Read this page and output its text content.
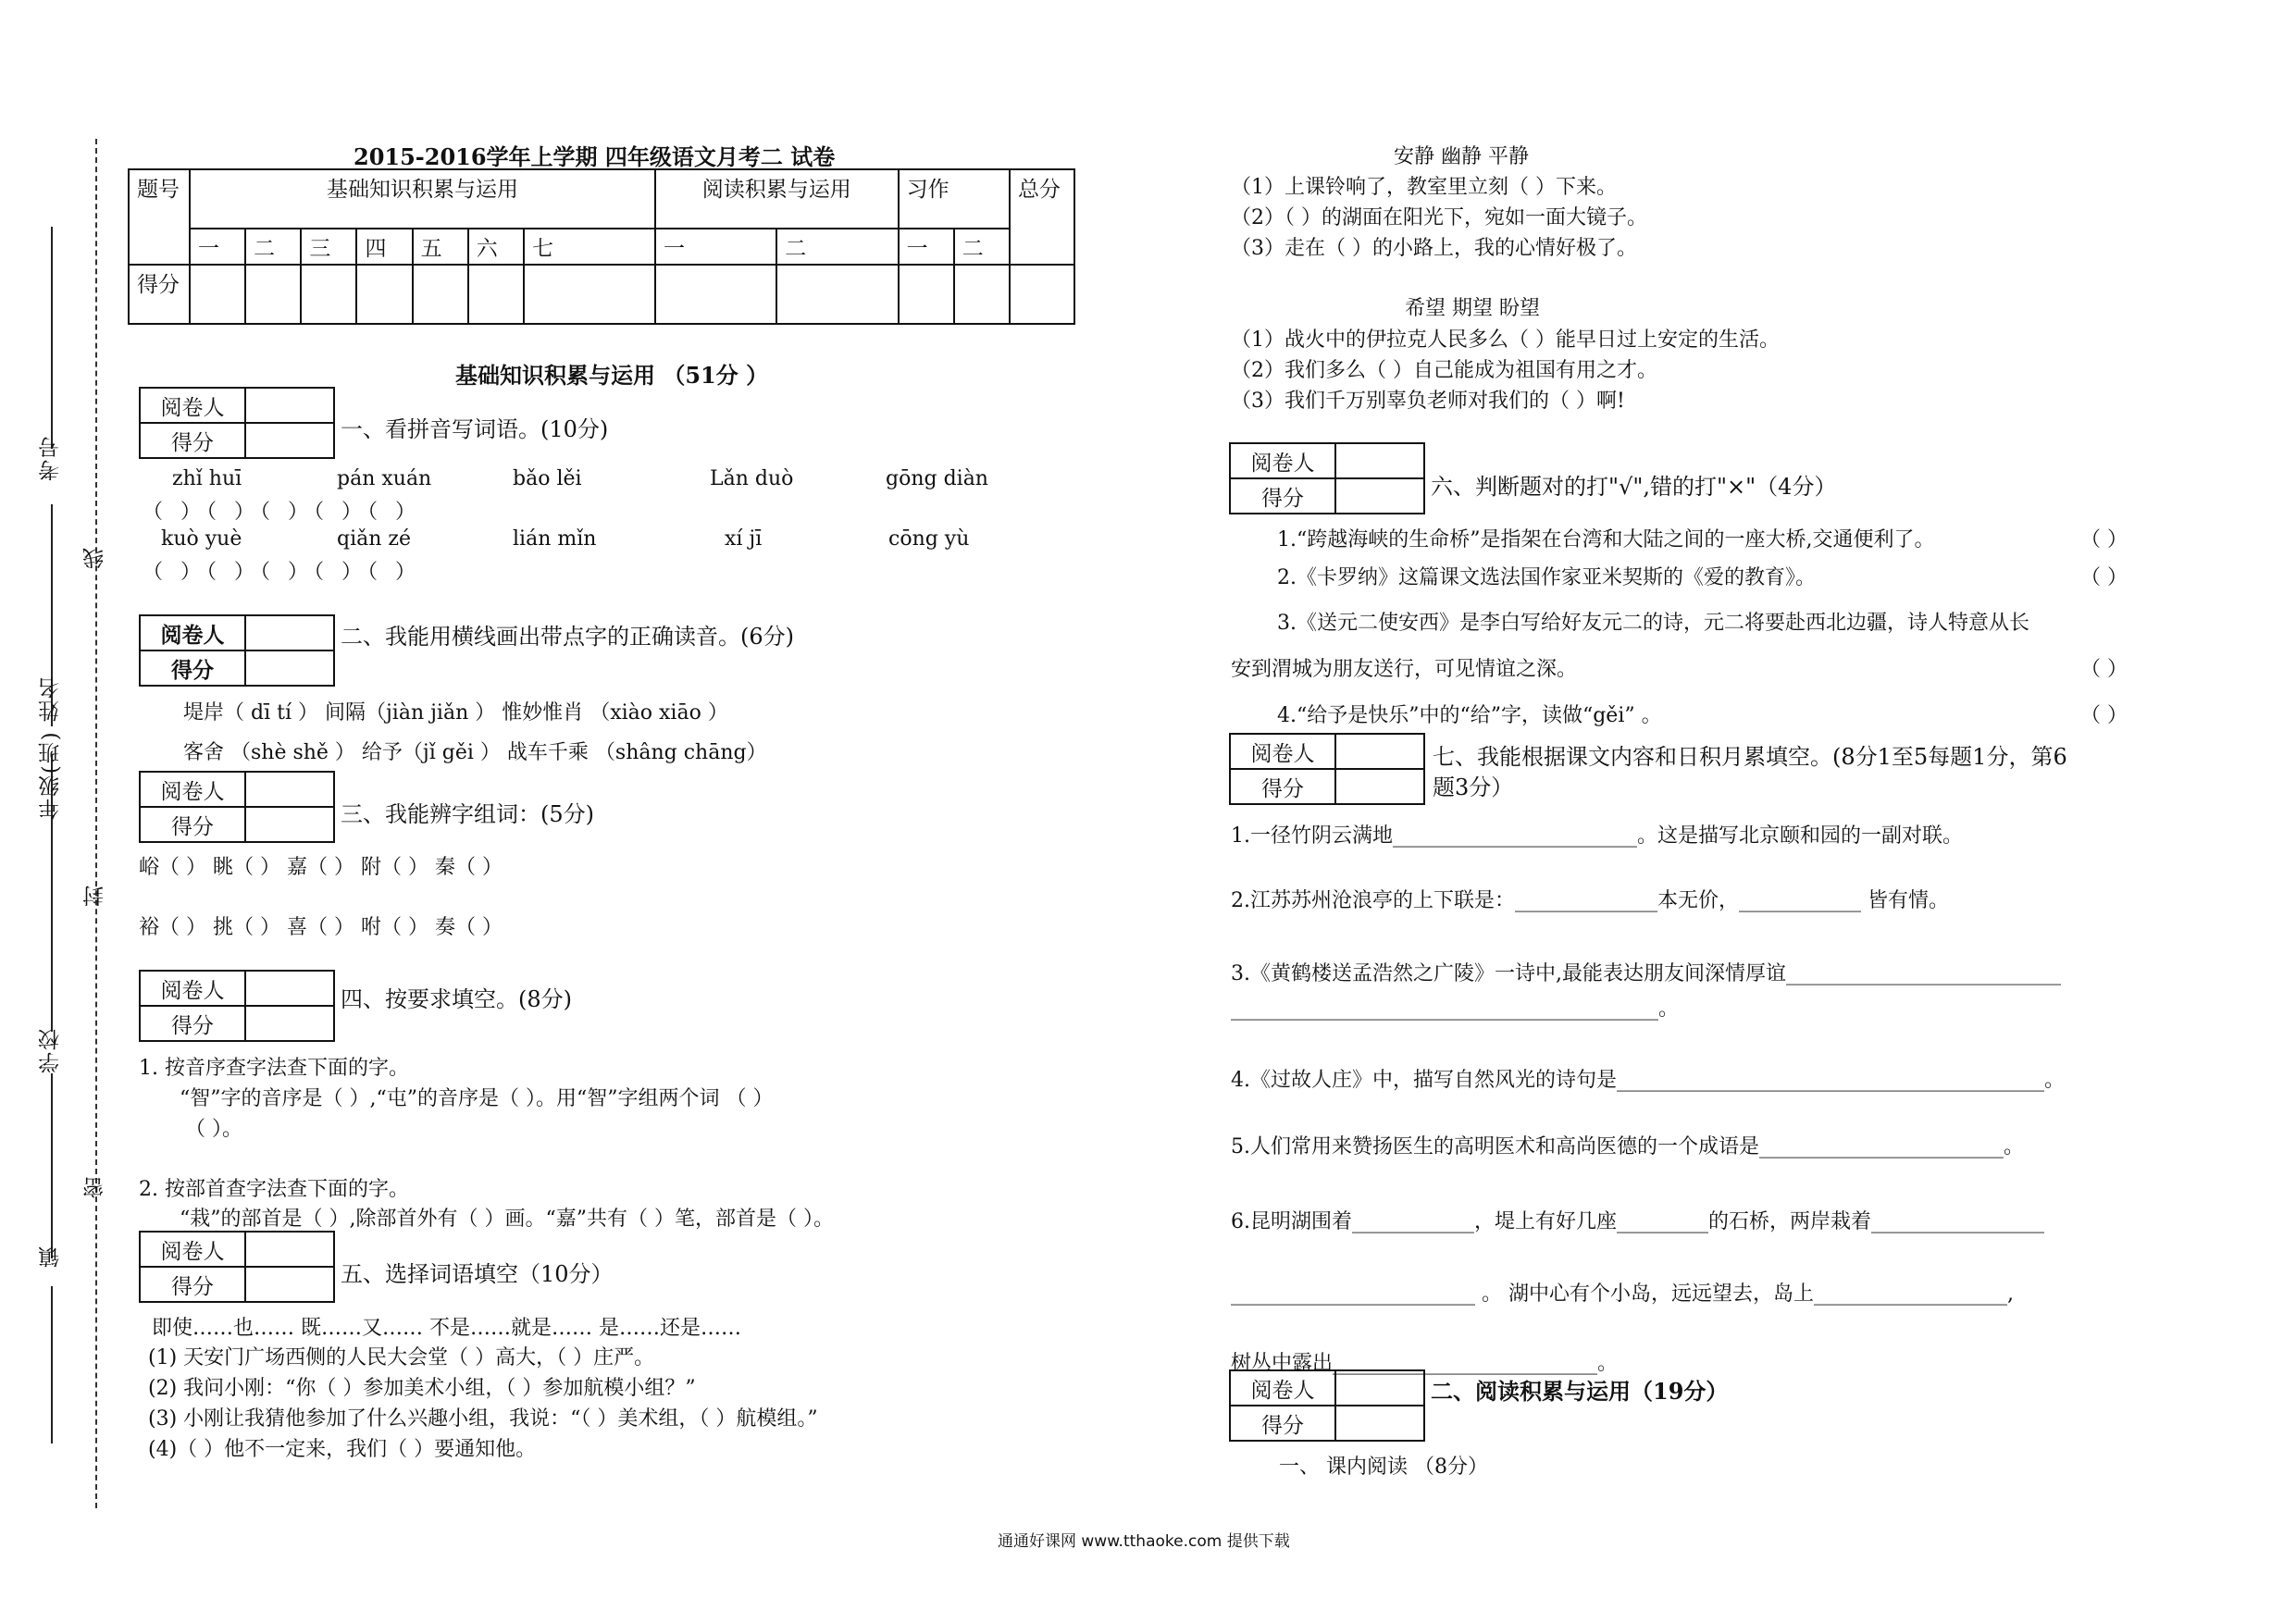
考号
线
年级(班) 姓名
封
学校
密
镇
2015-2016学年上学期 四年级语文月考二 试卷
题号	基础知识积累与运用							阅读积累与运用		习作		总分
	一	二	三	四	五	六	七	一	二	一	二	
得分												
基础知识积累与运用 （51分 ）
阅卷人	
得分	
一、看拼音写词语。(10分)
zhǐ huī	pán xuán	bǎo lěi	Lǎn duò	gōng diàn
（ ）（ ）（ ）（ ）（ ）
kuò yuè	qiǎn zé	lián mǐn	xí jī	cōng yù
（ ）（ ）（ ）（ ）（ ）
阅卷人	
得分	
二、我能用横线画出带点字的正确读音。(6分)
堤岸（ dī tí ） 间隔（jiàn jiǎn ） 惟妙惟肖 （xiào xiāo ）
客舍 （shè shě ） 给予（jǐ gěi ） 战车千乘 （shâng chāng）
阅卷人	
得分		三、我能辨字组词：(5分)
峪（ ） 眺（ ） 嘉（ ） 附（ ） 秦（ ）
裕（ ） 挑（ ） 喜（ ） 咐（ ） 奏（ ）
阅卷人	
得分	
四、按要求填空。(8分)
1. 按音序查字法查下面的字。
“智”字的音序是（ ）,“屯”的音序是（ ）。用“智”字组两个词 （ ）
（ ）。
2. 按部首查字法查下面的字。
“栽”的部首是（ ）,除部首外有（ ）画。“嘉”共有（ ）笔，部首是（ ）。
阅卷人	
得分		五、选择词语填空（10分）
即使……也…… 既……又…… 不是……就是…… 是……还是……
(1) 天安门广场西侧的人民大会堂（ ）高大，（ ）庄严。
(2) 我问小刚：“你（ ）参加美术小组，（ ）参加航模小组？”
(3) 小刚让我猜他参加了什么兴趣小组，我说：“（ ）美术组，（ ）航模组。”
(4)（ ）他不一定来，我们（ ）要通知他。
安静 幽静 平静
（1）上课铃响了，教室里立刻（ ）下来。
（2）（ ）的湖面在阳光下，宛如一面大镜子。
（3）走在（ ）的小路上，我的心情好极了。
希望 期望 盼望
（1）战火中的伊拉克人民多么（ ）能早日过上安定的生活。
（2）我们多么（ ）自己能成为祖国有用之才。
（3）我们千万别辜负老师对我们的（ ）啊!
阅卷人	
得分		六、判断题对的打"√",错的打"×"（4分）
1.“跨越海峡的生命桥”是指架在台湾和大陆之间的一座大桥,交通便利了。	（ ）
2.《卡罗纳》这篇课文选法国作家亚米契斯的《爱的教育》。	（ ）
3.《送元二使安西》是李白写给好友元二的诗，元二将要赴西北边疆，诗人特意从长
安到渭城为朋友送行，可见情谊之深。	（ ）
4.“给予是快乐”中的“给”字，读做“gěi” 。	（ ）
阅卷人	
得分	
七、我能根据课文内容和日积月累填空。(8分1至5每题1分，第6
题3分）
1.一径竹阴云满地________________________。这是描写北京颐和园的一副对联。
2.江苏苏州沧浪亭的上下联是：______________本无价，____________ 皆有情。
3.《黄鹤楼送孟浩然之广陵》一诗中,最能表达朋友间深情厚谊___________________________
__________________________________________。
4.《过故人庄》中，描写自然风光的诗句是__________________________________________。
5.人们常用来赞扬医生的高明医术和高尚医德的一个成语是________________________。
6.昆明湖围着____________，堤上有好几座_________的石桥，两岸栽着_________________
________________________ 。 湖中心有个小岛，远远望去，岛上___________________,
树丛中露出__________________________。
阅卷人	
得分	
二、阅读积累与运用（19分）
一、 课内阅读 （8分）
通通好课网 www.tthaoke.com 提供下载
